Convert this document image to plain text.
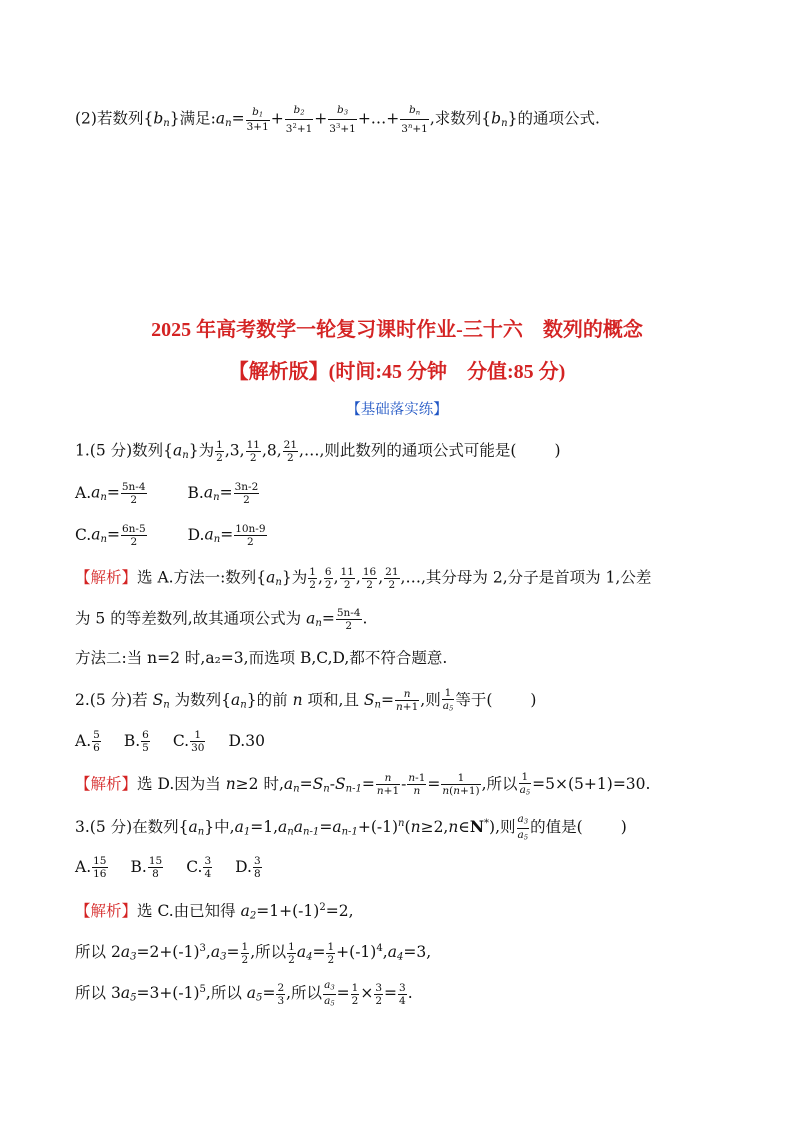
(2)若数列$\{b_n\}$满足$:a_n= \frac{b_1}{3+1} + \frac{b_2}{3^2+1} + \frac{b_3}{3^3+1}$ +…+ $\frac{b_n}{3^n+1}$ ,求数列$\{b_n\}$的通项公式.
2025 年高考数学一轮复习课时作业-三十六　数列的概念
【解析版】(时间:45 分钟　分值:85 分)
【基础落实练】
1.(5 分)数列$\{a_n\}$为 $\frac{1}{2} ,3$, $\frac{11}{2} ,8$, $\frac{21}{2}$ ,…,则此数列的通项公式可能是( )
$A.a_n= \frac{5n-4}{2}$	$B.a_n= \frac{3n-2}{2}$
$C.a_n= \frac{6n-5}{2}$	$D.a_n= \frac{10n-9}{2}$
【解析】选 A.方法一:数列$\{a_n\}$为 $\frac{1}{2}$ , $\frac{6}{2}$ , $\frac{11}{2}$ , $\frac{16}{2}$ , $\frac{21}{2}$ ,…,其分母为 2,分子是首项为 1,公差
为 5 的等差数列,故其通项公式为 $a_n= \frac{5n-4}{2}$ .
方法二:当 n=2 时,a₂=3,而选项 B,C,D,都不符合题意.
2.(5 分)若 $S_n$ 为数列$\{a_n\}$的前 n 项和,且 $S_n= \frac{n}{n+1}$ ,则 $\frac{1}{a_5}$ 等于( )
A. $\frac{5}{6} B$. $\frac{6}{5} C$. $\frac{1}{30} D.30$
【解析】选 D.因为当 n≥2 时$,a_n=S_n-S_{n-1}= \frac{n}{n+1} - \frac{n-1}{n} = \frac{1}{n(n+1)}$ ,所以 $\frac{1}{a_5} =5\times(5+1)=30$.
3.(5 分)在数列$\{a_n\}$中$,a_1=1,a_na_{n-1}=a_{n-1}+(-1)^n(n\ge 2,n\in N^*)$,则 $\frac{a_3}{a_5}$ 的值是( )
A. $\frac{15}{16} B$. $\frac{15}{8} C$. $\frac{3}{4} D$. $\frac{3}{8}$
【解析】选 C.由已知得 $a_2=1+(-1)^2=2$,
所以 $2a_3=2+(-1)^3,a_3= \frac{1}{2}$ ,所以 $\frac{1}{2} a_4= \frac{1}{2} +(-1)^4,a_4=3$,
所以 $3a_5=3+(-1)^5$,所以 $a_5= \frac{2}{3}$ ,所以 $\frac{a_3}{a_5} = \frac{1}{2} \times \frac{3}{2} = \frac{3}{4}$ .
